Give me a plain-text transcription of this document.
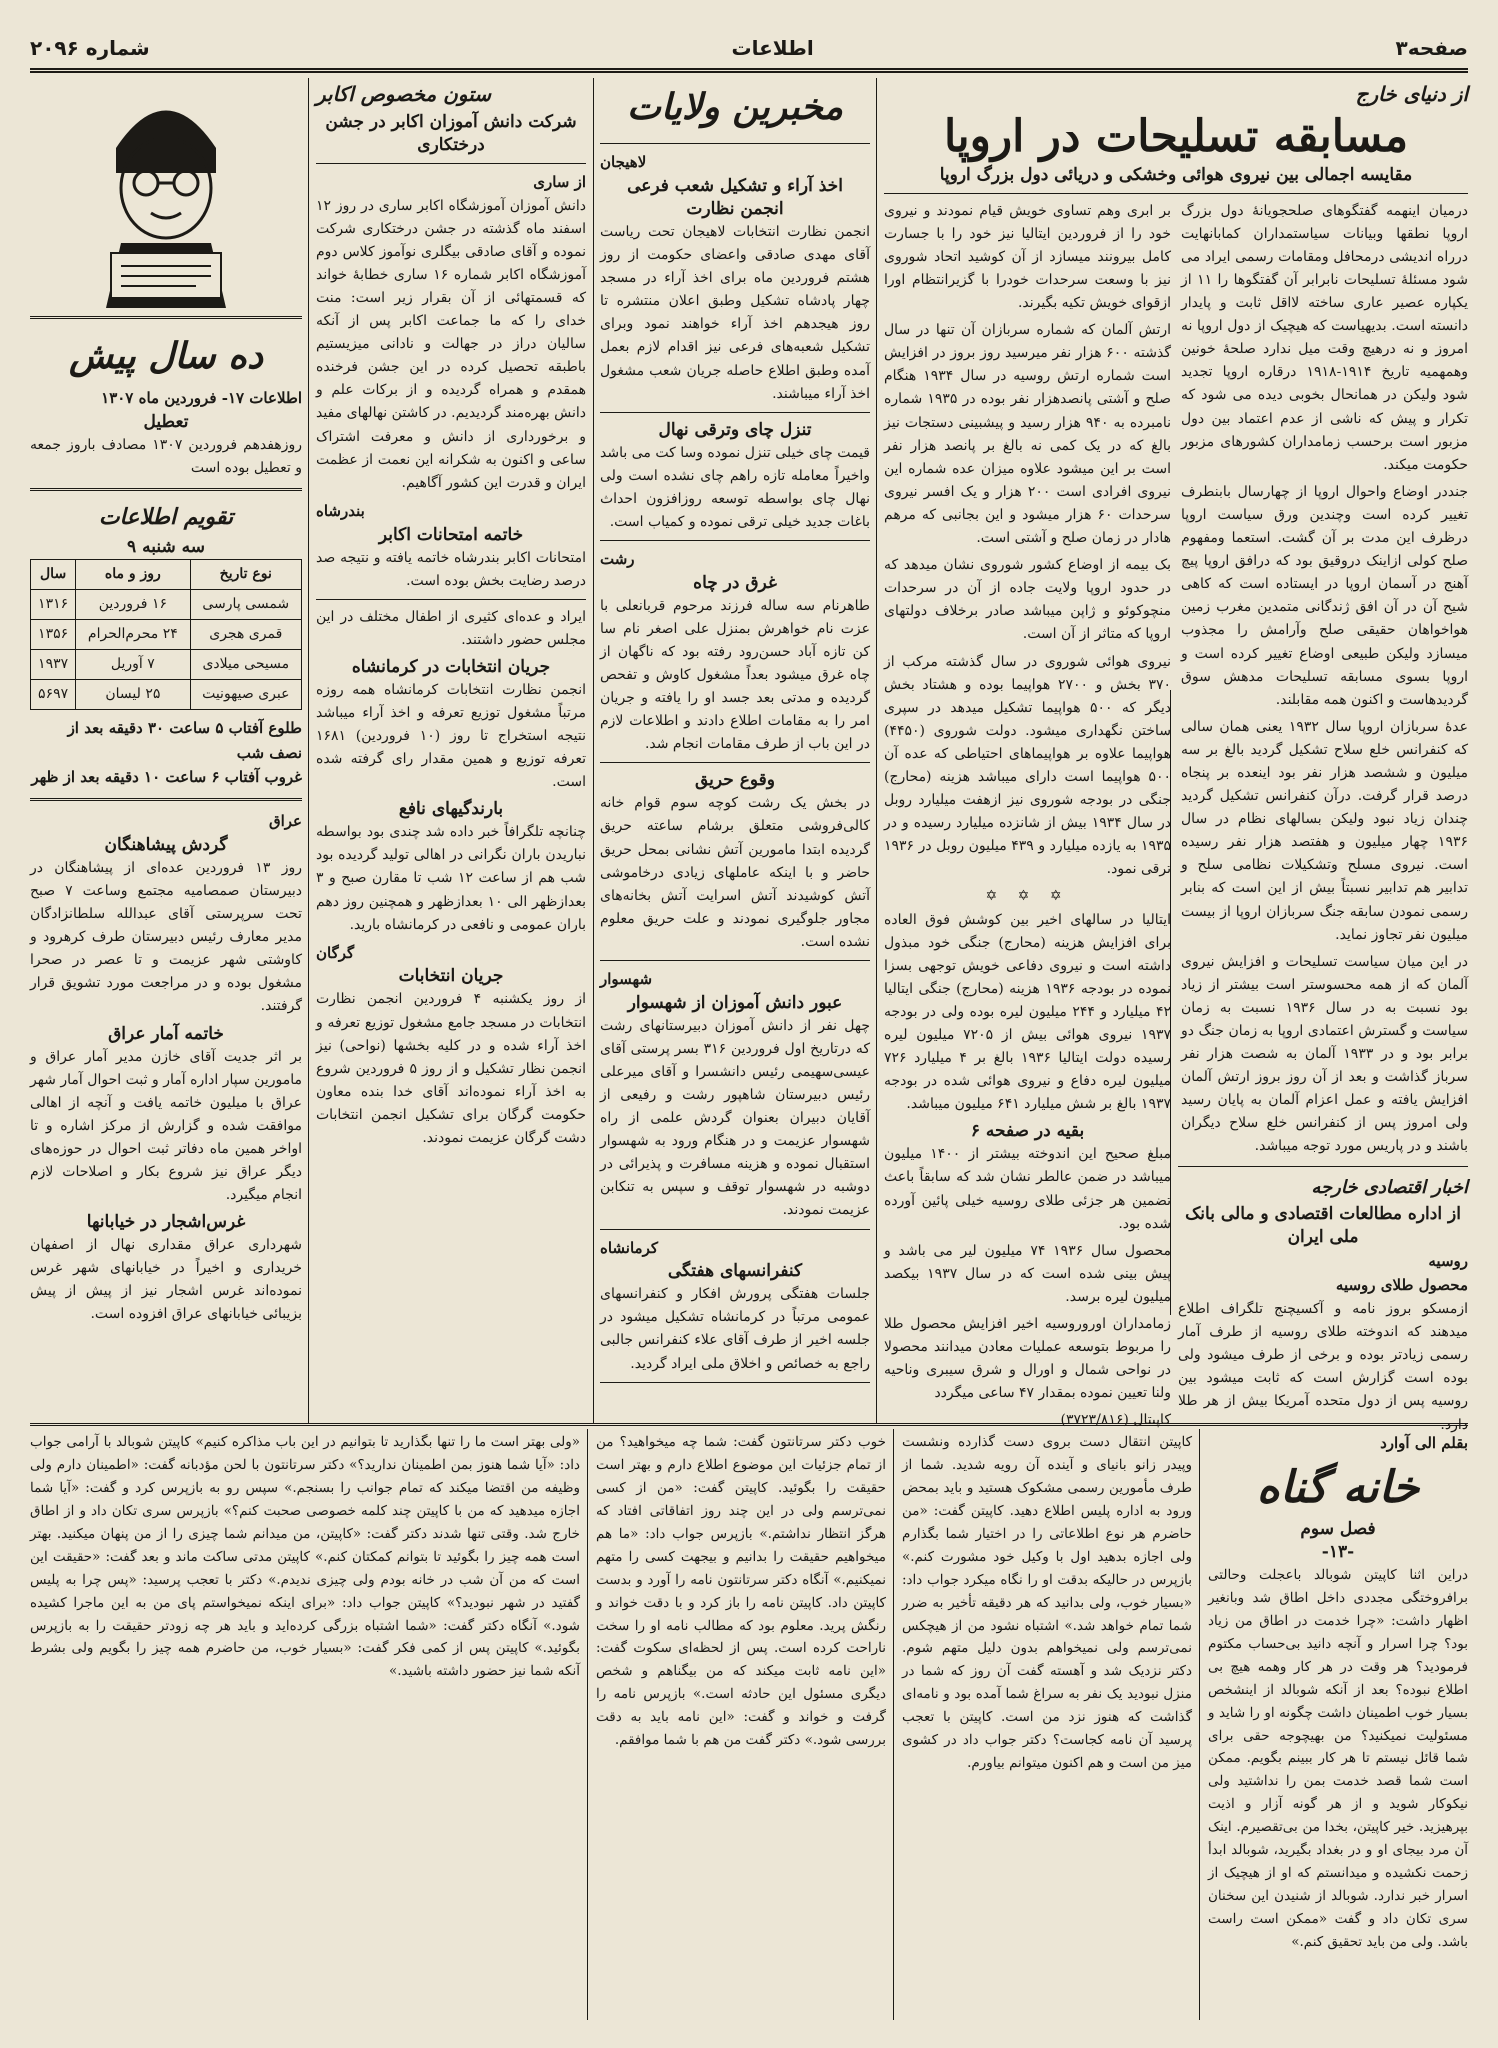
صفحه۳
اطلاعات
شماره ۲۰۹۶
از دنیای خارج
مسابقه تسلیحات در اروپا
مقایسه اجمالی بین نیروی هوائی وخشکی و دریائی دول بزرگ اروپا

درمیان اینهمه گفتگوهای صلحجویانهٔ دول بزرگ اروپا نطقها وبیانات سیاستمداران کمابانهایت درراه اندیشی درمحافل ومقامات رسمی ایراد می شود مسئلهٔ تسلیحات نابرابر آن گفتگوها را ۱۱ از یکپاره عصیر عاری ساخته لااقل ثابت و پایدار دانسته است. بدیهیاست که هیچیک از دول اروپا نه امروز و نه درهیچ وقت میل ندارد صلحهٔ خونین وهمهمیه تاریخ ۱۹۱۴-۱۹۱۸ درقاره اروپا تجدید شود ولیکن در همانحال بخوبی دیده می شود که تکرار و پیش که ناشی از عدم اعتماد بین دول مزبور است برحسب زمامداران کشورهای مزبور حکومت میکند.

جنددر اوضاع واحوال اروپا از چهارسال بابنطرف تغییر کرده است وچندین ورق سیاست اروپا درظرف این مدت بر آن گشت. استعما ومفهوم صلح کولی ازاینک دروقیق بود که درافق اروپا پیچ آهنج در آسمان اروپا در ایستاده است که کاهی شیح آن در آن افق ژندگانی متمدین مغرب زمین هواخواهان حقیقی صلح وآرامش را مجذوب میسازد ولیکن طبیعی اوضاع تغییر کرده است و اروپا بسوی مسابقه تسلیحات مدهش سوق گردیدهاست و اکنون همه مقابلند.

عدهٔ سربازان اروپا سال ۱۹۳۲ یعنی همان سالی که کنفرانس خلع سلاح تشکیل گردید بالغ بر سه میلیون و ششصد هزار نفر بود اینعده بر پنجاه درصد قرار گرفت. درآن کنفرانس تشکیل گردید چندان زیاد نبود ولیکن بسالهای نظام در سال ۱۹۳۶ چهار میلیون و هفتصد هزار نفر رسیده است. نیروی مسلح وتشکیلات نظامی سلح و تدابیر هم تدابیر نسبتاً بیش از این است که بنابر رسمی نمودن سابقه جنگ سربازان اروپا از بیست میلیون نفر تجاوز نماید.

در این میان سیاست تسلیحات و افزایش نیروی آلمان که از همه محسوستر است بیشتر از زیاد بود نسبت به در سال ۱۹۳۶ نسبت به زمان سیاست و گسترش اعتمادی اروپا به زمان جنگ دو برابر بود و در ۱۹۳۳ آلمان به شصت هزار نفر سرباز گذاشت و بعد از آن روز بروز ارتش آلمان افزایش یافته و عمل اعزام آلمان به پایان رسید ولی امروز پس از کنفرانس خلع سلاح دیگران باشند و در پاریس مورد توجه میباشد.

بر ابری وهم تساوی خویش قیام نمودند و نیروی خود را از فروردین ایتالیا نیز خود را با جسارت کامل بیرونند میسازد از آن کوشید اتحاد شوروی نیز با وسعت سرحدات خودرا با گزیرانتظام اورا ازقوای خویش تکیه بگیرند.

ارتش آلمان که شماره سربازان آن تنها در سال گذشته ۶۰۰ هزار نفر میرسید روز بروز در افزایش است شماره ارتش روسیه در سال ۱۹۳۴ هنگام صلح و آشتی پانصدهزار نفر بوده در ۱۹۳۵ شماره نامبرده به ۹۴۰ هزار رسید و پیشبینی دستجات نیز بالغ که در یک کمی نه بالغ بر پانصد هزار نفر است بر این میشود علاوه میزان عده شماره این نیروی افرادی است ۲۰۰ هزار و یک افسر نیروی سرحدات ۶۰ هزار میشود و این بجانبی که مرهم هادار در زمان صلح و آشتی است.

بک بیمه از اوضاع کشور شوروی نشان میدهد که در حدود اروپا ولایت جاده از آن در سرحدات منچوکوئو و ژاپن میباشد صادر برخلاف دولتهای اروپا که متاثر از آن است.

نیروی هوائی شوروی در سال گذشته مرکب از ۳۷۰ بخش و ۲۷۰۰ هواپیما بوده و هشتاد بخش دیگر که ۵۰۰ هواپیما تشکیل میدهد در سپری ساختن نگهداری میشود. دولت شوروی (۴۴۵۰) هواپیما علاوه بر هواپیماهای احتیاطی که عده آن ۵۰۰ هواپیما است دارای میباشد هزینه (محارج) جنگی در بودجه شوروی نیز ازهفت میلیارد روبل در سال ۱۹۳۴ بیش از شانزده میلیارد رسیده و در ۱۹۳۵ به یازده میلیارد و ۴۳۹ میلیون روبل در ۱۹۳۶ ترقی نمود.

✡ ✡ ✡

ایتالیا در سالهای اخیر بین کوشش فوق العاده برای افزایش هزینه (محارج) جنگی خود مبذول داشته است و نیروی دفاعی خویش توجهی بسزا نموده در بودجه ۱۹۳۶ هزینه (محارج) جنگی ایتالیا ۴۲ میلیارد و ۲۴۴ میلیون لیره بوده ولی در بودجه ۱۹۳۷ نیروی هوائی بیش از ۷۲۰۵ میلیون لیره رسیده دولت ایتالیا ۱۹۳۶ بالغ بر ۴ میلیارد ۷۲۶ میلیون لیره دفاع و نیروی هوائی شده در بودجه ۱۹۳۷ بالغ بر شش میلیارد ۶۴۱ میلیون میباشد.

بقیه در صفحه ۶

مبلغ صحیح این اندوخته بیشتر از ۱۴۰۰ میلیون میباشد در ضمن عالطر نشان شد که سابقاً باعث تضمین هر جزئی طلای روسیه خیلی پائین آورده شده بود.

محصول سال ۱۹۳۶ ۷۴ میلیون لیر می باشد و پیش بینی شده است که در سال ۱۹۳۷ بیکصد میلیون لیره برسد.

زمامداران اوروروسیه اخیر افزایش محصول طلا را مربوط بتوسعه عملیات معادن میدانند محصولا در نواحی شمال و اورال و شرق سیبری وناحیه ولنا تعیین نموده بمقدار ۴۷ ساعی میگردد

کاپیتال (۳۷۲۳/۸۱۶)

اخبار اقتصادی خارجه
از اداره مطالعات اقتصادی و مالی بانک ملی ایران
روسیه
محصول طلای روسیه

ازمسکو بروز نامه و آکسیچنج تلگراف اطلاع میدهند که اندوخته طلای روسیه از طرف آمار رسمی زیادتر بوده و برخی از طرف میشود ولی بوده است گزارش است که ثابت میشود بین روسیه پس از دول متحده آمریکا بیش از هر طلا دارد.

مخبرین ولایات
لاهیجان
اخذ آراء و تشکیل شعب فرعی
انجمن نظارت

انجمن نظارت انتخابات لاهیجان تحت ریاست آقای مهدی صادقی واعضای حکومت از روز هشتم فروردین ماه برای اخذ آراء در مسجد چهار پادشاه تشکیل وطبق اعلان منتشره تا روز هیجدهم اخذ آراء خواهند نمود وبرای تشکیل شعبه‌های فرعی نیز اقدام لازم بعمل آمده وطبق اطلاع حاصله جریان شعب مشغول اخذ آراء میباشند.

تنزل چای وترقی نهال

قیمت چای خیلی تنزل نموده وسا کت می باشد واخیراً معامله تازه راهم چای نشده است ولی نهال چای بواسطه توسعه روزافزون احداث باغات جدید خیلی ترقی نموده و کمیاب است.

رشت
غرق در چاه

طاهرنام سه ساله فرزند مرحوم قربانعلی با عزت نام خواهرش بمنزل علی اصغر نام سا کن تازه آباد حسن‌رود رفته بود که ناگهان از چاه غرق میشود بعداً مشغول کاوش و تفحص گردیده و مدتی بعد جسد او را یافته و جریان امر را به مقامات اطلاع دادند و اطلاعات لازم در این باب از طرف مقامات انجام شد.

وقوع حریق

در بخش یک رشت کوچه سوم قوام خانه کالی‌فروشی متعلق برشام ساعته حریق گردیده ابتدا مامورین آتش نشانی بمحل حریق حاضر و با اینکه عاملهای زیادی درخاموشی آتش کوشیدند آتش اسرایت آتش بخانه‌های مجاور جلوگیری نمودند و علت حریق معلوم نشده است.

شهسوار
عبور دانش آموزان از شهسوار

چهل نفر از دانش آموزان دبیرستانهای رشت که درتاریخ اول فروردین ۳۱۶ بسر پرستی آقای عیسی‌سهیمی رئیس دانشسرا و آقای میرعلی رئیس دبیرستان شاهپور رشت و رفیعی از آقایان دبیران بعنوان گردش علمی از راه شهسوار عزیمت و در هنگام ورود به شهسوار استقبال نموده و هزینه مسافرت و پذیرائی در دوشبه در شهسوار توقف و سپس به تنکابن عزیمت نمودند.

کرمانشاه
کنفرانسهای هفتگی

جلسات هفتگی پرورش افکار و کنفرانسهای عمومی مرتباً در کرمانشاه تشکیل میشود در جلسه اخیر از طرف آقای علاء کنفرانس جالبی راجع به خصائص و اخلاق ملی ایراد گردید.

ستون مخصوص اکابر
شرکت دانش آموزان اکابر در جشن درختکاری
از ساری

دانش آموزان آموزشگاه اکابر ساری در روز ۱۲ اسفند ماه گذشته در جشن درختکاری شرکت نموده و آقای صادقی بیگلری نوآموز کلاس دوم آموزشگاه اکابر شماره ۱۶ ساری خطابهٔ خواند که قسمتهائی از آن بقرار زیر است: منت خدای را که ما جماعت اکابر پس از آنکه سالیان دراز در جهالت و نادانی میزیستیم باطبقه تحصیل کرده در این جشن فرخنده همقدم و همراه گردیده و از برکات علم و دانش بهره‌مند گردیدیم. در کاشتن نهالهای مفید و برخورداری از دانش و معرفت اشتراک ساعی و اکنون به شکرانه این نعمت از عظمت ایران و قدرت این کشور آگاهیم.

بندرشاه
خاتمه امتحانات اکابر

امتحانات اکابر بندرشاه خاتمه یافته و نتیجه صد درصد رضایت بخش بوده است.

ایراد و عده‌ای کثیری از اطفال مختلف در این مجلس حضور داشتند.

جریان انتخابات در کرمانشاه

انجمن نظارت انتخابات کرمانشاه همه روزه مرتباً مشغول توزیع تعرفه و اخذ آراء میباشد نتیجه استخراج تا روز (۱۰ فروردین) ۱۶۸۱ تعرفه توزیع و همین مقدار رای گرفته شده است.

بارندگیهای نافع

چنانچه تلگرافاً خبر داده شد چندی بود بواسطه نباریدن باران نگرانی در اهالی تولید گردیده بود شب هم از ساعت ۱۲ شب تا مقارن صبح و ۳ بعدازظهر الی ۱۰ بعدازظهر و همچنین روز دهم باران عمومی و نافعی در کرمانشاه بارید.

گرگان
جریان انتخابات

از روز یکشنبه ۴ فروردین انجمن نظارت انتخابات در مسجد جامع مشغول توزیع تعرفه و اخذ آراء شده و در کلیه بخشها (نواحی) نیز انجمن نظار تشکیل و از روز ۵ فروردین شروع به اخذ آراء نموده‌اند آقای خدا بنده معاون حکومت گرگان برای تشکیل انجمن انتخابات دشت گرگان عزیمت نمودند.

ده سال پیش
اطلاعات ۱۷- فروردین ماه ۱۳۰۷
تعطیل

روزهفدهم فروردین ۱۳۰۷ مصادف باروز جمعه و تعطیل بوده است

تقویم اطلاعات
سه شنبه ۹
نوع تاریخ	روز و ماه	سال
شمسی پارسی	۱۶ فروردین	۱۳۱۶
قمری هجری	۲۴ محرم‌الحرام	۱۳۵۶
مسیحی میلادی	۷ آوریل	۱۹۳۷
عبری صیهونیت	۲۵ لیسان	۵۶۹۷
طلوع آفتاب ۵ ساعت ۳۰ دقیقه بعد از نصف شب
غروب آفتاب ۶ ساعت ۱۰ دقیقه بعد از ظهر
عراق
گردش پیشاهنگان

روز ۱۳ فروردین عده‌ای از پیشاهنگان در دبیرستان صمصامیه مجتمع وساعت ۷ صبح تحت سرپرستی آقای عبدالله سلطانزادگان مدیر معارف رئیس دبیرستان طرف کرهرود و کاوشتی شهر عزیمت و تا عصر در صحرا مشغول بوده و در مراجعت مورد تشویق قرار گرفتند.

خاتمه آمار عراق

بر اثر جدیت آقای خازن مدیر آمار عراق و مامورین سپار اداره آمار و ثبت احوال آمار شهر عراق با میلیون خاتمه یافت و آنچه از اهالی موافقت شده و گزارش از مرکز اشاره و تا اواخر همین ماه دفاتر ثبت احوال در حوزه‌های دیگر عراق نیز شروع بکار و اصلاحات لازم انجام میگیرد.

غرس‌اشجار در خیابانها

شهرداری عراق مقداری نهال از اصفهان خریداری و اخیراً در خیابانهای شهر غرس نموده‌اند غرس اشجار نیز از پیش از پیش بزیبائی خیابانهای عراق افزوده است.

بقلم الی آوارد
خانه گناه
فصل سوم
-۱۳-

دراین اثنا کاپیتن شوبالد باعجلت وحالتی برافروختگی مجددی داخل اطاق شد وبانغیر اظهار داشت: «چرا خدمت در اطاق من زیاد بود؟ چرا اسرار و آنچه دانید بی‌حساب مکتوم فرمودید؟ هر وقت در هر کار وهمه هیچ بی اطلاع نبوده؟ بعد از آنکه شوبالد از اینشخص بسیار خوب اطمینان داشت چگونه او را شاید و مسئولیت نمیکنید؟ من بهیچوجه حقی برای شما قائل نیستم تا هر کار ببینم بگویم. ممکن است شما قصد خدمت بمن را نداشتید ولی نیکوکار شوید و از هر گونه آزار و اذیت بپرهیزید. خیر کاپیتن، بخدا من بی‌تقصیرم. اینک آن مرد بیجای او و در بغداد بگیرید، شوبالد ابدأ زحمت نکشیده و میدانستم که او از هیچیک از اسرار خبر ندارد. شوبالد از شنیدن این سخنان سری تکان داد و گفت «ممکن است راست باشد. ولی من باید تحقیق کنم.»

کاپیتن انتقال دست بروی دست گذارده ونشست وپیدر زانو بانیای و آینده آن رویه شدید. شما از طرف مأمورین رسمی مشکوک هستید و باید بمحض ورود به اداره پلیس اطلاع دهید. کاپیتن گفت: «من حاضرم هر نوع اطلاعاتی را در اختیار شما بگذارم ولی اجازه بدهید اول با وکیل خود مشورت کنم.» بازپرس در حالیکه بدقت او را نگاه میکرد جواب داد: «بسیار خوب، ولی بدانید که هر دقیقه تأخیر به ضرر شما تمام خواهد شد.» اشتباه نشود من از هیچکس نمی‌ترسم ولی نمیخواهم بدون دلیل متهم شوم. دکتر نزدیک شد و آهسته گفت آن روز که شما در منزل نبودید یک نفر به سراغ شما آمده بود و نامه‌ای گذاشت که هنوز نزد من است. کاپیتن با تعجب پرسید آن نامه کجاست؟ دکتر جواب داد در کشوی میز من است و هم اکنون میتوانم بیاورم.

خوب دکتر سرتانتون گفت: شما چه میخواهید؟ من از تمام جزئیات این موضوع اطلاع دارم و بهتر است حقیقت را بگوئید. کاپیتن گفت: «من از کسی نمی‌ترسم ولی در این چند روز اتفاقاتی افتاد که هرگز انتظار نداشتم.» بازپرس جواب داد: «ما هم میخواهیم حقیقت را بدانیم و بیجهت کسی را متهم نمیکنیم.» آنگاه دکتر سرتانتون نامه را آورد و بدست کاپیتن داد. کاپیتن نامه را باز کرد و با دقت خواند و رنگش پرید. معلوم بود که مطالب نامه او را سخت ناراحت کرده است. پس از لحظه‌ای سکوت گفت: «این نامه ثابت میکند که من بیگناهم و شخص دیگری مسئول این حادثه است.» بازپرس نامه را گرفت و خواند و گفت: «این نامه باید به دقت بررسی شود.» دکتر گفت من هم با شما موافقم.

«ولی بهتر است ما را تنها بگذارید تا بتوانیم در این باب مذاکره کنیم» کاپیتن شوبالد با آرامی جواب داد: «آیا شما هنوز بمن اطمینان ندارید؟» دکتر سرتانتون با لحن مؤدبانه گفت: «اطمینان دارم ولی وظیفه من اقتضا میکند که تمام جوانب را بسنجم.» سپس رو به بازپرس کرد و گفت: «آیا شما اجازه میدهید که من با کاپیتن چند کلمه خصوصی صحبت کنم؟» بازپرس سری تکان داد و از اطاق خارج شد. وقتی تنها شدند دکتر گفت: «کاپیتن، من میدانم شما چیزی را از من پنهان میکنید. بهتر است همه چیز را بگوئید تا بتوانم کمکتان کنم.» کاپیتن مدتی ساکت ماند و بعد گفت: «حقیقت این است که من آن شب در خانه بودم ولی چیزی ندیدم.» دکتر با تعجب پرسید: «پس چرا به پلیس گفتید در شهر نبودید؟» کاپیتن جواب داد: «برای اینکه نمیخواستم پای من به این ماجرا کشیده شود.» آنگاه دکتر گفت: «شما اشتباه بزرگی کرده‌اید و باید هر چه زودتر حقیقت را به بازپرس بگوئید.» کاپیتن پس از کمی فکر گفت: «بسیار خوب، من حاضرم همه چیز را بگویم ولی بشرط آنکه شما نیز حضور داشته باشید.»
